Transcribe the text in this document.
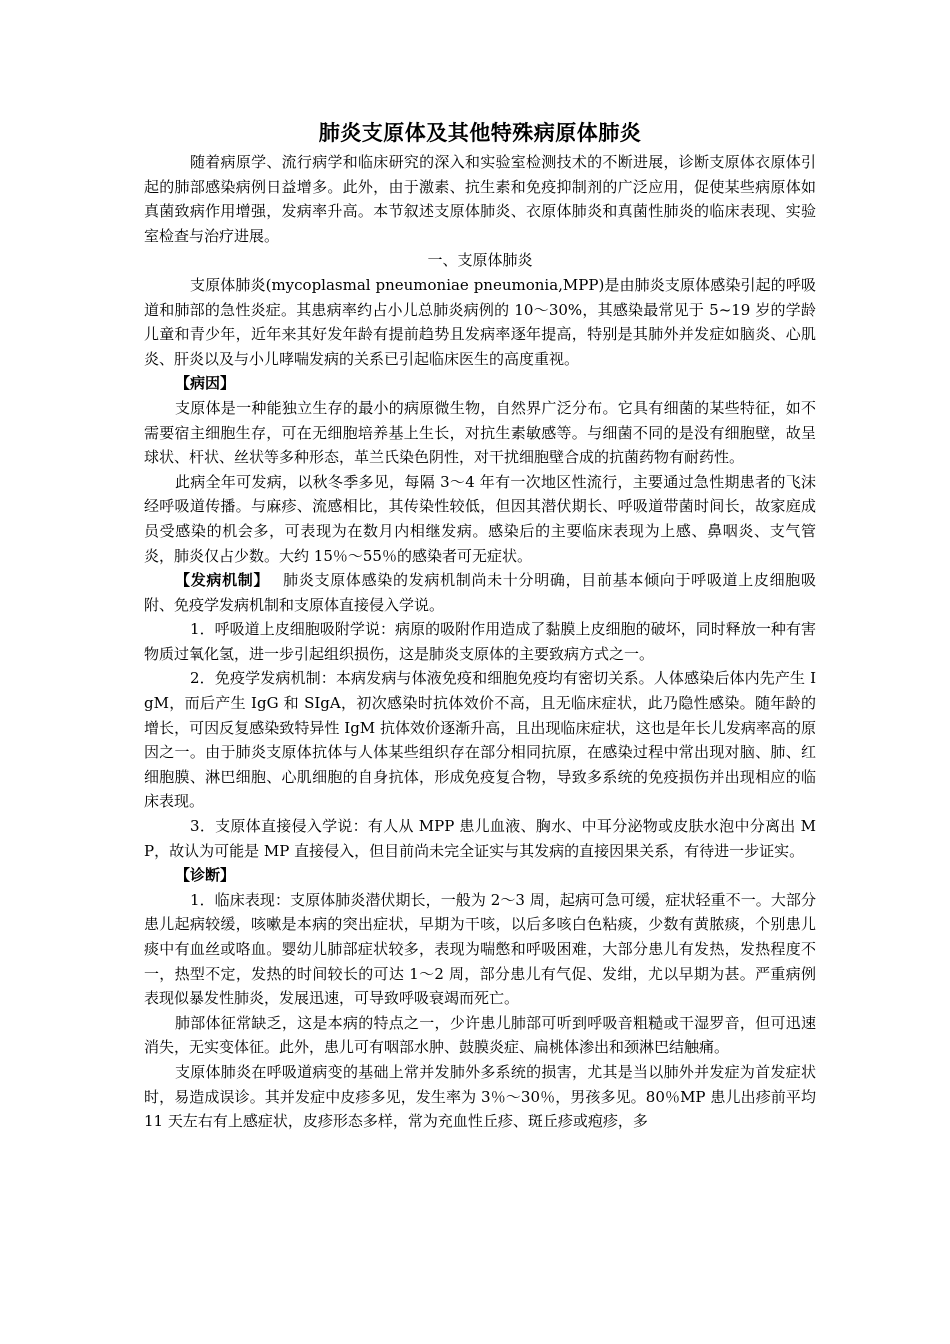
肺炎支原体及其他特殊病原体肺炎

随着病原学、流行病学和临床研究的深入和实验室检测技术的不断进展，诊断支原体衣原体引起的肺部感染病例日益增多。此外，由于激素、抗生素和免疫抑制剂的广泛应用，促使某些病原体如真菌致病作用增强，发病率升高。本节叙述支原体肺炎、衣原体肺炎和真菌性肺炎的临床表现、实验室检查与治疗进展。

一、支原体肺炎

支原体肺炎(mycoplasmal pneumoniae pneumonia,MPP)是由肺炎支原体感染引起的呼吸道和肺部的急性炎症。其患病率约占小儿总肺炎病例的 10～30%，其感染最常见于 5~19 岁的学龄儿童和青少年，近年来其好发年龄有提前趋势且发病率逐年提高，特别是其肺外并发症如脑炎、心肌炎、肝炎以及与小儿哮喘发病的关系已引起临床医生的高度重视。

【病因】

支原体是一种能独立生存的最小的病原微生物，自然界广泛分布。它具有细菌的某些特征，如不需要宿主细胞生存，可在无细胞培养基上生长，对抗生素敏感等。与细菌不同的是没有细胞壁，故呈球状、杆状、丝状等多种形态，革兰氏染色阴性，对干扰细胞壁合成的抗菌药物有耐药性。

此病全年可发病，以秋冬季多见，每隔 3～4 年有一次地区性流行，主要通过急性期患者的飞沫经呼吸道传播。与麻疹、流感相比，其传染性较低，但因其潜伏期长、呼吸道带菌时间长，故家庭成员受感染的机会多，可表现为在数月内相继发病。感染后的主要临床表现为上感、鼻咽炎、支气管炎，肺炎仅占少数。大约 15％～55％的感染者可无症状。

【发病机制】 肺炎支原体感染的发病机制尚未十分明确，目前基本倾向于呼吸道上皮细胞吸附、免疫学发病机制和支原体直接侵入学说。

1．呼吸道上皮细胞吸附学说：病原的吸附作用造成了黏膜上皮细胞的破坏，同时释放一种有害物质过氧化氢，进一步引起组织损伤，这是肺炎支原体的主要致病方式之一。

2．免疫学发病机制：本病发病与体液免疫和细胞免疫均有密切关系。人体感染后体内先产生 IgM，而后产生 IgG 和 SIgA，初次感染时抗体效价不高，且无临床症状，此乃隐性感染。随年龄的增长，可因反复感染致特异性 IgM 抗体效价逐渐升高，且出现临床症状，这也是年长儿发病率高的原因之一。由于肺炎支原体抗体与人体某些组织存在部分相同抗原，在感染过程中常出现对脑、肺、红细胞膜、淋巴细胞、心肌细胞的自身抗体，形成免疫复合物，导致多系统的免疫损伤并出现相应的临床表现。

3．支原体直接侵入学说：有人从 MPP 患儿血液、胸水、中耳分泌物或皮肤水泡中分离出 MP，故认为可能是 MP 直接侵入，但目前尚未完全证实与其发病的直接因果关系，有待进一步证实。

【诊断】

1．临床表现：支原体肺炎潜伏期长，一般为 2～3 周，起病可急可缓，症状轻重不一。大部分患儿起病较缓，咳嗽是本病的突出症状，早期为干咳，以后多咳白色粘痰，少数有黄脓痰，个别患儿痰中有血丝或咯血。婴幼儿肺部症状较多，表现为喘憋和呼吸困难，大部分患儿有发热，发热程度不一，热型不定，发热的时间较长的可达 1～2 周，部分患儿有气促、发绀，尤以早期为甚。严重病例表现似暴发性肺炎，发展迅速，可导致呼吸衰竭而死亡。

肺部体征常缺乏，这是本病的特点之一，少许患儿肺部可听到呼吸音粗糙或干湿罗音，但可迅速消失，无实变体征。此外，患儿可有咽部水肿、鼓膜炎症、扁桃体渗出和颈淋巴结触痛。

支原体肺炎在呼吸道病变的基础上常并发肺外多系统的损害，尤其是当以肺外并发症为首发症状时，易造成误诊。其并发症中皮疹多见，发生率为 3％～30％，男孩多见。80％MP 患儿出疹前平均 11 天左右有上感症状，皮疹形态多样，常为充血性丘疹、斑丘疹或疱疹，多
